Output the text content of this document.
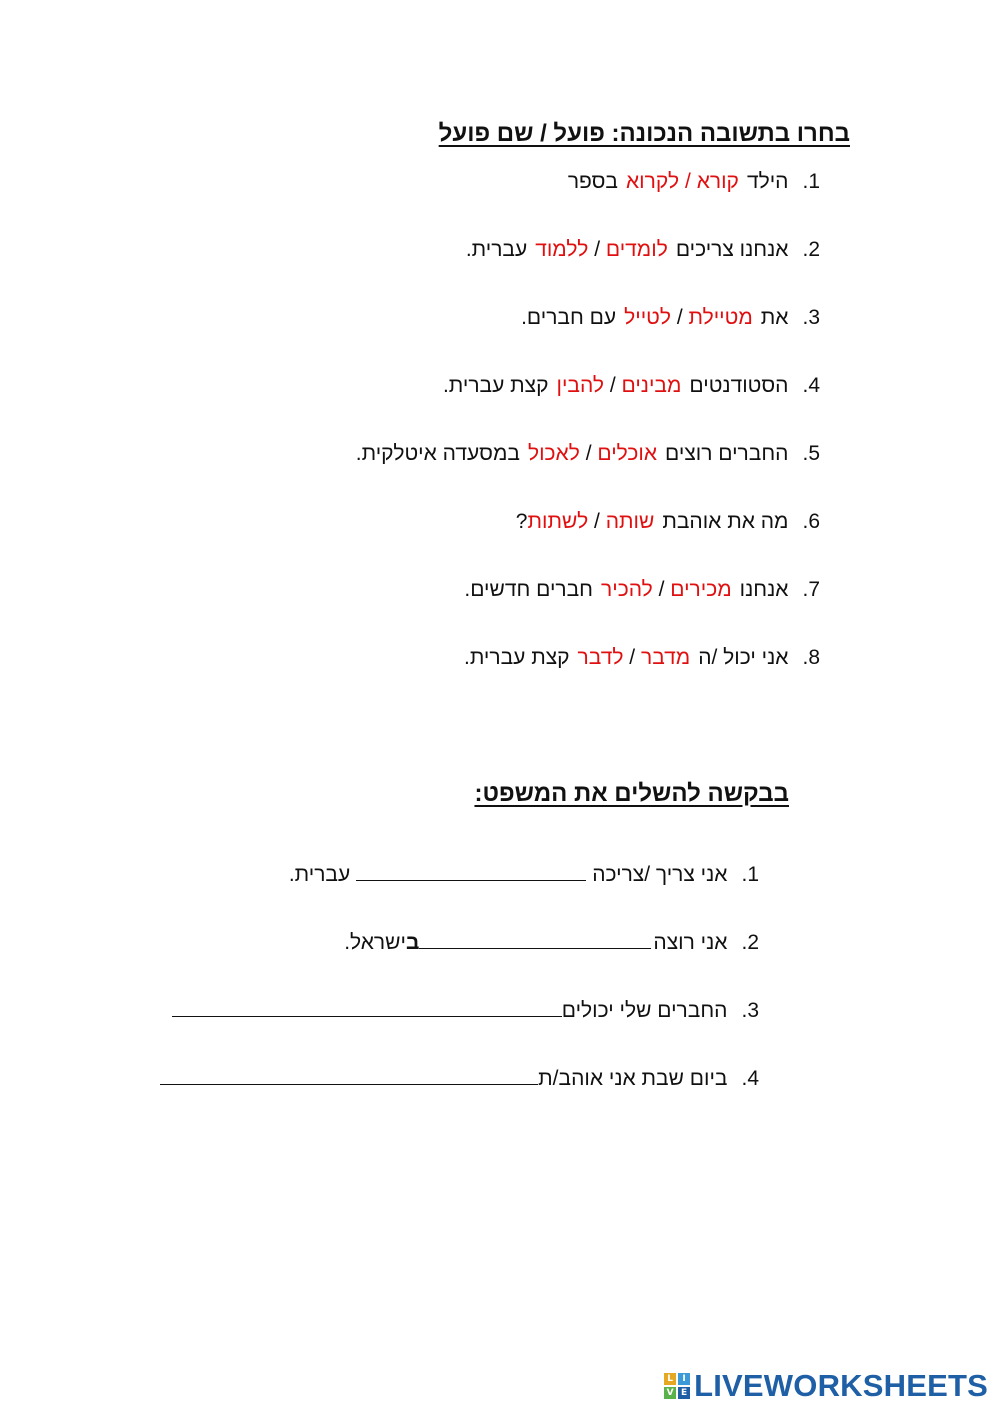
בחרו בתשובה הנכונה: פועל / שם פועל
1.הילדקורא / לקרואבספר
2.אנחנו צריכיםלומדים / ללמודעברית.
3.אתמטיילת / לטיילעם חברים.
4.הסטודנטיםמבינים / להביןקצת עברית.
5.החברים רוציםאוכלים / לאכולבמסעדה איטלקית.
6.מה את אוהבתשותה / לשתות?
7.אנחנומכירים / להכירחברים חדשים.
8.אני יכול /המדבר / לדברקצת עברית.
בבקשה להשלים את המשפט:
1.אני צריך /צריכהעברית.
2.אני רוצהבישראל.
3.החברים שלי יכולים
4.ביום שבת אני אוהב/ת
L	I
V E LIVEWORKSHEETS
